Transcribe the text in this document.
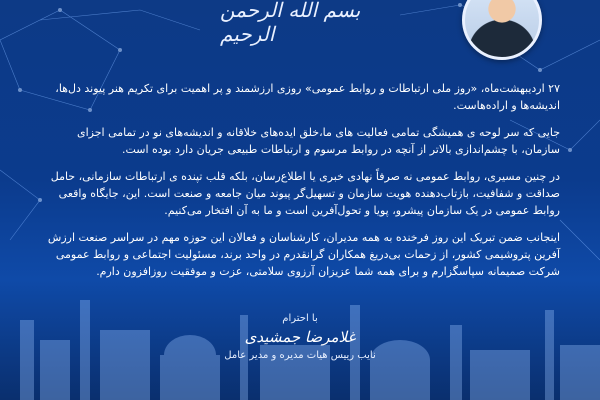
بسم الله الرحمن الرحیم

۲۷ اردیبهشت‌ماه، «روز ملی ارتباطات و روابط عمومی» روزی ارزشمند و پر اهمیت برای تکریم هنر پیوند دل‌ها، اندیشه‌ها و اراده‌هاست.

جایی که سر لوحه ی همیشگی تمامی فعالیت های ما،خلق ایده‌های خلاقانه و اندیشه‌های نو در تمامی اجزای سازمان، با چشم‌اندازی بالاتر از آنچه در روابط مرسوم و ارتباطات طبیعی جریان دارد بوده است.

در چنین مسیری، روابط عمومی نه صرفاً نهادی خبری یا اطلاع‌رسان، بلکه قلب تپنده ی ارتباطات سازمانی، حامل صداقت و شفافیت، بازتاب‌دهنده هویت سازمان و تسهیل‌گر پیوند میان جامعه و صنعت است. این، جایگاه واقعی روابط عمومی در یک سازمان پیشرو، پویا و تحول‌آفرین است و ما به آن افتخار می‌کنیم.

اینجانب ضمن تبریک این روز فرخنده به همه مدیران، کارشناسان و فعالان این حوزه مهم در سراسر صنعت ارزش آفرین پتروشیمی کشور، از زحمات بی‌دریغ همکاران گرانقدرم در واحد برند، مسئولیت اجتماعی و روابط عمومی شرکت صمیمانه سپاسگزارم و برای همه شما عزیزان آرزوی سلامتی، عزت و موفقیت روزافزون دارم.

با احترام
غلامرضا جمشیدی
نایب رییس هیات مدیره و مدیر عامل
